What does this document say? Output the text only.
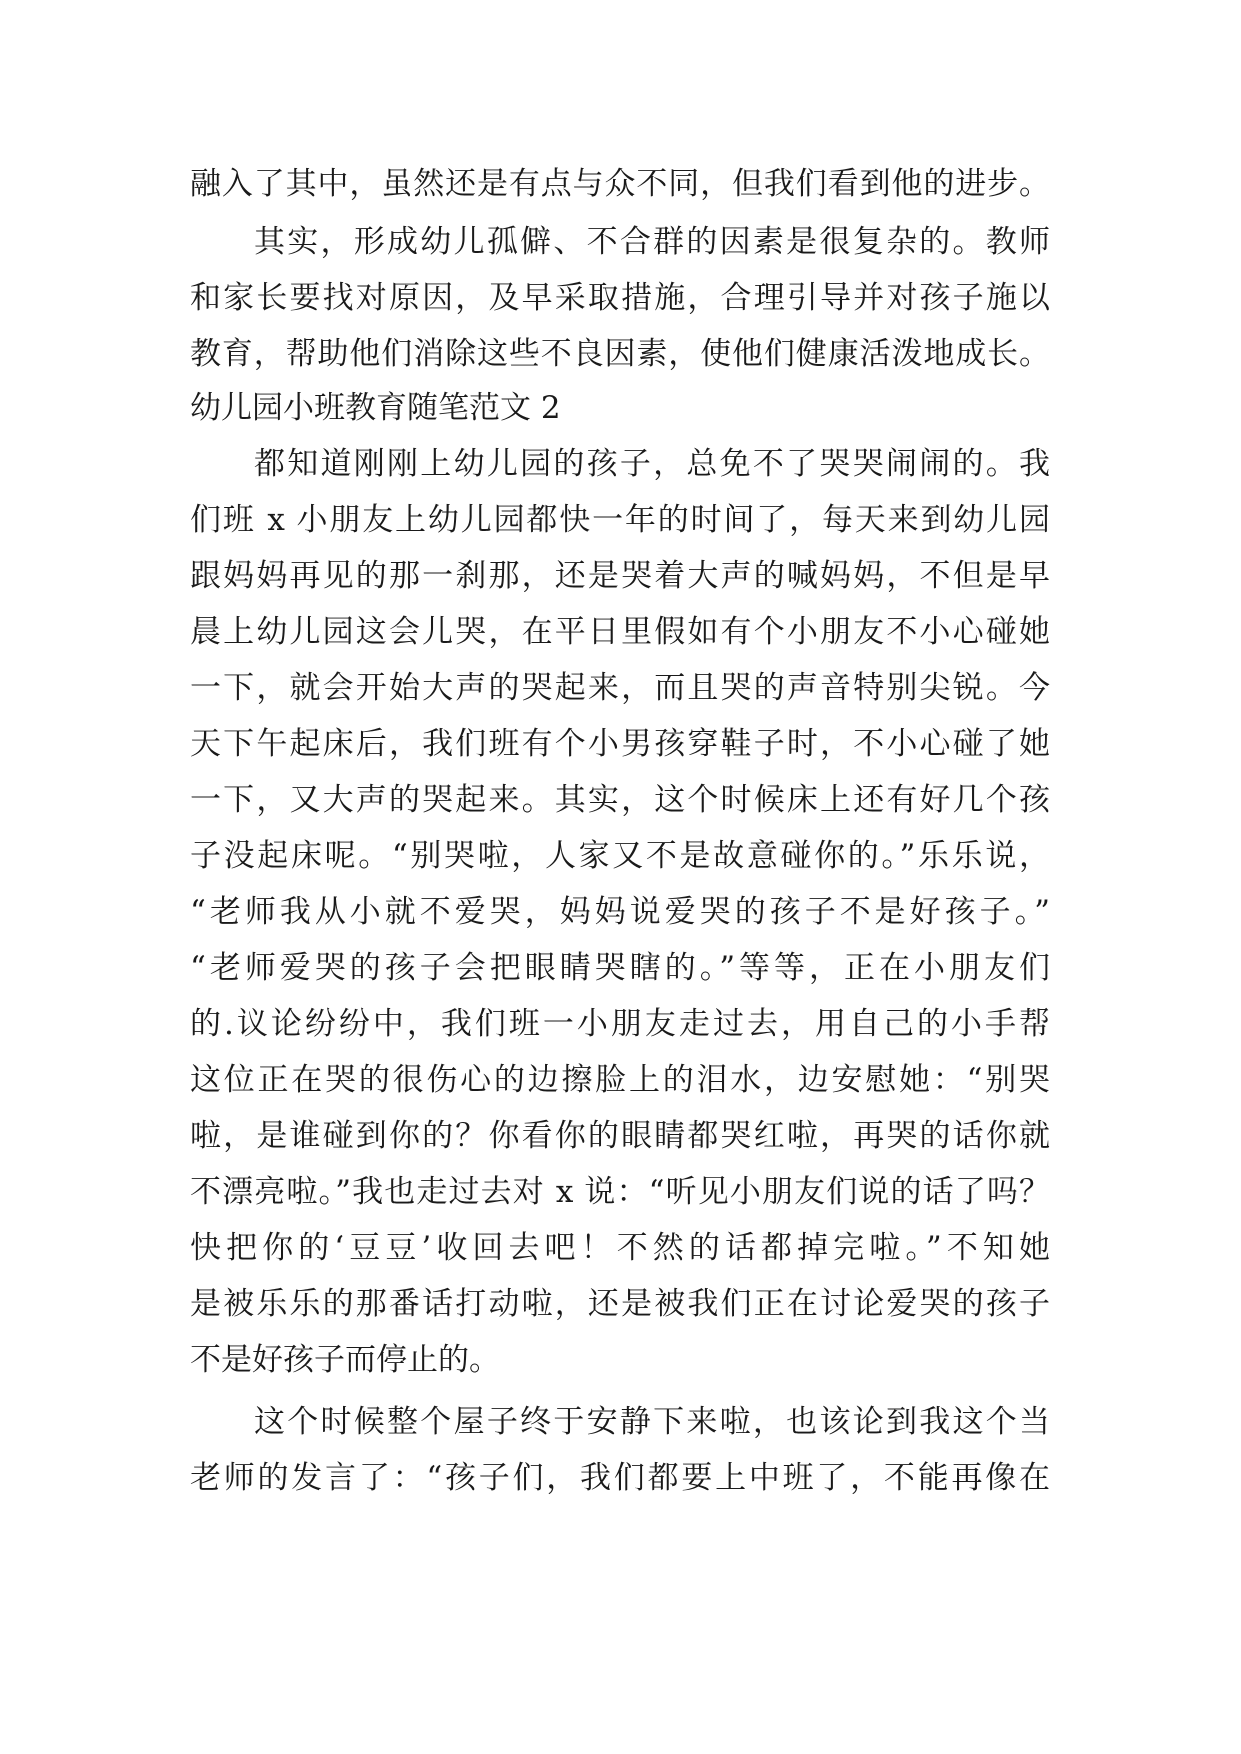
融入了其中，虽然还是有点与众不同，但我们看到他的进步。
其实，形成幼儿孤僻、不合群的因素是很复杂的。教师
和家长要找对原因，及早采取措施，合理引导并对孩子施以
教育，帮助他们消除这些不良因素，使他们健康活泼地成长。
幼儿园小班教育随笔范文 2
都知道刚刚上幼儿园的孩子，总免不了哭哭闹闹的。我
们班 x 小朋友上幼儿园都快一年的时间了，每天来到幼儿园
跟妈妈再见的那一刹那，还是哭着大声的喊妈妈，不但是早
晨上幼儿园这会儿哭，在平日里假如有个小朋友不小心碰她
一下，就会开始大声的哭起来，而且哭的声音特别尖锐。今
天下午起床后，我们班有个小男孩穿鞋子时，不小心碰了她
一下，又大声的哭起来。其实，这个时候床上还有好几个孩
子没起床呢。“别哭啦，人家又不是故意碰你的。”乐乐说，
“老师我从小就不爱哭，妈妈说爱哭的孩子不是好孩子。”
“老师爱哭的孩子会把眼睛哭瞎的。”等等，正在小朋友们
的.议论纷纷中，我们班一小朋友走过去，用自己的小手帮
这位正在哭的很伤心的边擦脸上的泪水，边安慰她：“别哭
啦，是谁碰到你的？你看你的眼睛都哭红啦，再哭的话你就
不漂亮啦。”我也走过去对 x 说：“听见小朋友们说的话了吗？
快把你的‘豆豆’收回去吧！不然的话都掉完啦。”不知她
是被乐乐的那番话打动啦，还是被我们正在讨论爱哭的孩子
不是好孩子而停止的。
这个时候整个屋子终于安静下来啦，也该论到我这个当
老师的发言了：“孩子们，我们都要上中班了，不能再像在
